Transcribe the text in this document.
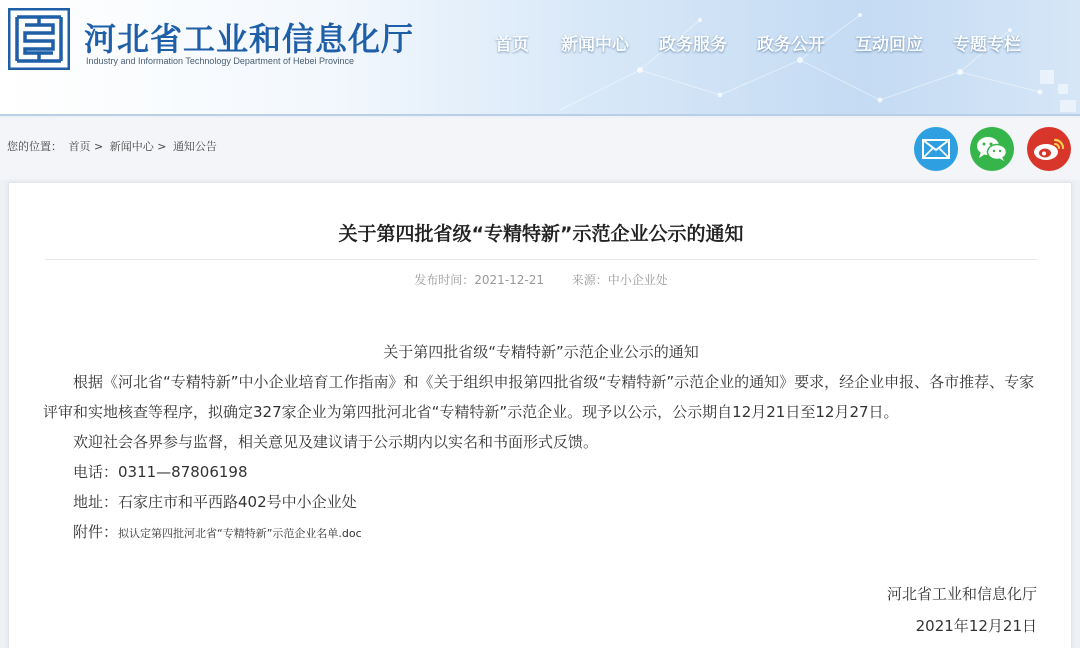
河北省工业和信息化厅
Industry and Information Technology Department of Hebei Province
首页	新闻中心	政务服务	政务公开	互动回应	专题专栏
您的位置： 首页 > 新闻中心 > 通知公告
关于第四批省级“专精特新”示范企业公示的通知
发布时间：2021-12-21 来源：中小企业处
关于第四批省级“专精特新”示范企业公示的通知
根据《河北省“专精特新”中小企业培育工作指南》和《关于组织申报第四批省级“专精特新”示范企业的通知》要求，经企业申报、各市推荐、专家评审和实地核查等程序，拟确定327家企业为第四批河北省“专精特新”示范企业。现予以公示，公示期自12月21日至12月27日。
欢迎社会各界参与监督，相关意见及建议请于公示期内以实名和书面形式反馈。
电话：0311—87806198
地址：石家庄市和平西路402号中小企业处
附件：拟认定第四批河北省“专精特新”示范企业名单.doc
河北省工业和信息化厅
2021年12月21日
